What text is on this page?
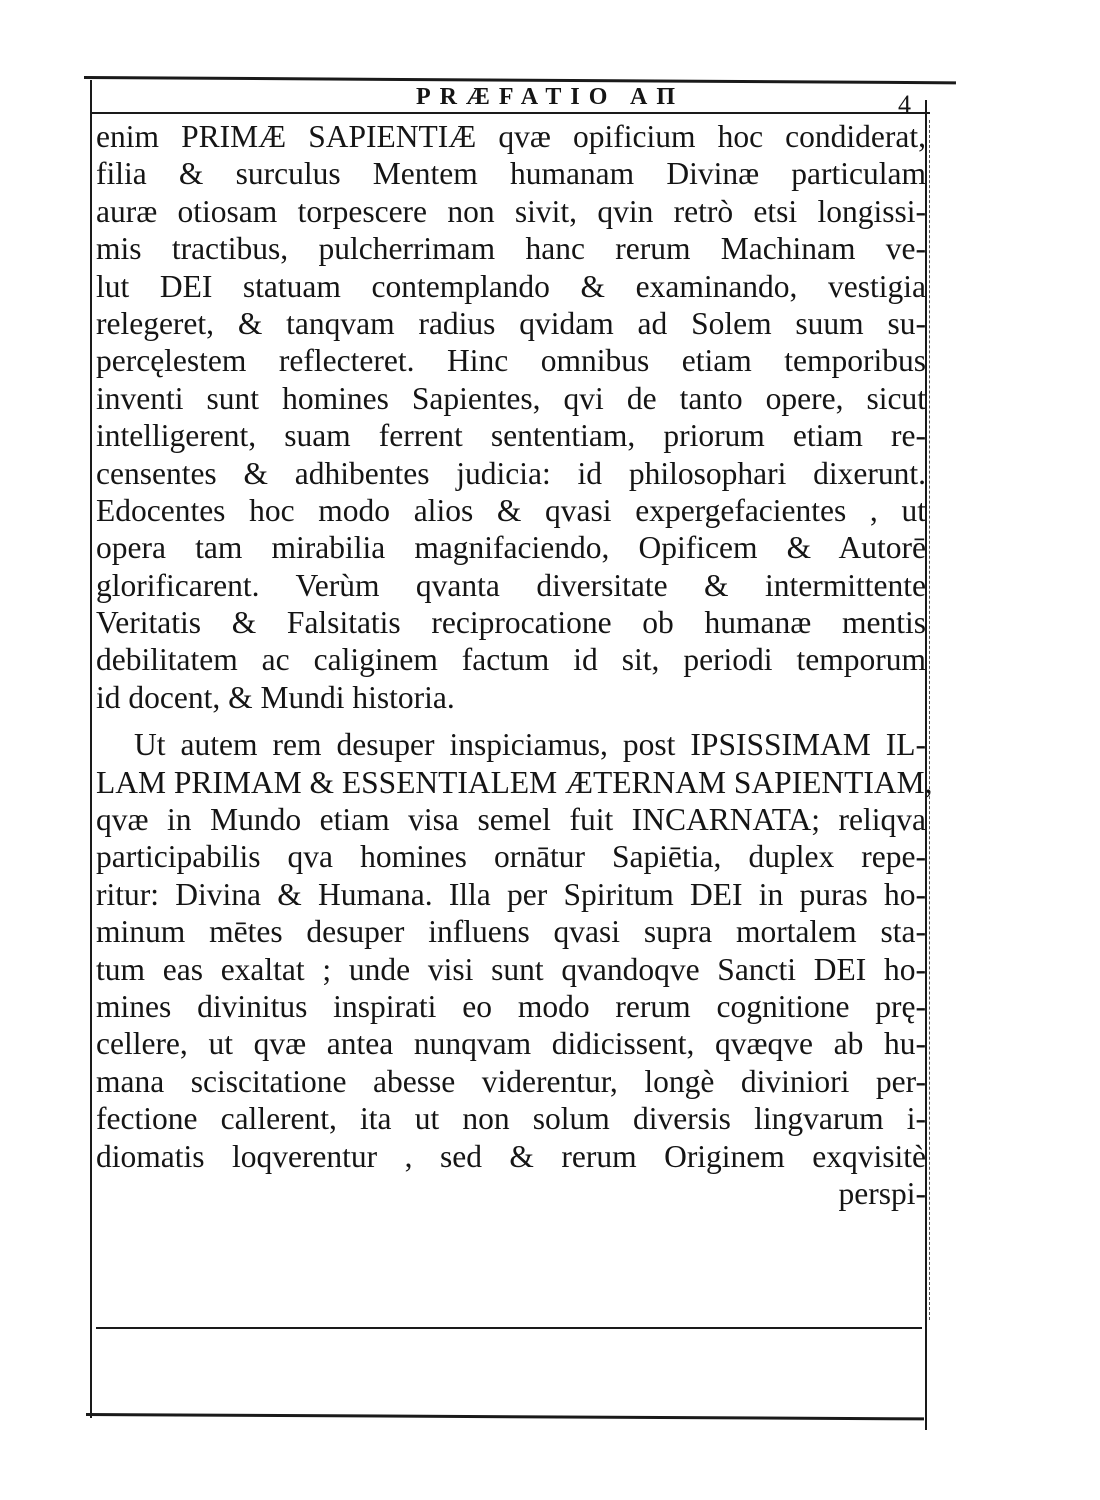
PRÆFATIO AΠ	4
enim PRIMÆ SAPIENTIÆ qvæ opificium hoc condiderat,
filia & surculus Mentem humanam Divinæ particulam
auræ otiosam torpescere non sivit, qvin retrò etsi longissi-
mis tractibus, pulcherrimam hanc rerum Machinam ve-
lut DEI statuam contemplando & examinando, vestigia
relegeret, & tanqvam radius qvidam ad Solem suum su-
percęlestem reflecteret. Hinc omnibus etiam temporibus
inventi sunt homines Sapientes, qvi de tanto opere, sicut
intelligerent, suam ferrent sententiam, priorum etiam re-
censentes & adhibentes judicia: id philosophari dixerunt.
Edocentes hoc modo alios & qvasi expergefacientes , ut
opera tam mirabilia magnifaciendo, Opificem & Autorē
glorificarent. Verùm qvanta diversitate & intermittente
Veritatis & Falsitatis reciprocatione ob humanæ mentis
debilitatem ac caliginem factum id sit, periodi temporum
id docent, & Mundi historia.
Ut autem rem desuper inspiciamus, post IPSISSIMAM IL-
LAM PRIMAM & ESSENTIALEM ÆTERNAM SAPIENTIAM,
qvæ in Mundo etiam visa semel fuit INCARNATA; reliqva
participabilis qva homines ornātur Sapiētia, duplex repe-
ritur: Divina & Humana. Illa per Spiritum DEI in puras ho-
minum mētes desuper influens qvasi supra mortalem sta-
tum eas exaltat ; unde visi sunt qvandoqve Sancti DEI ho-
mines divinitus inspirati eo modo rerum cognitione prę-
cellere, ut qvæ antea nunqvam didicissent, qvæqve ab hu-
mana sciscitatione abesse viderentur, longè diviniori per-
fectione callerent, ita ut non solum diversis lingvarum i-
diomatis loqverentur , sed & rerum Originem exqvisitè
perspi-
